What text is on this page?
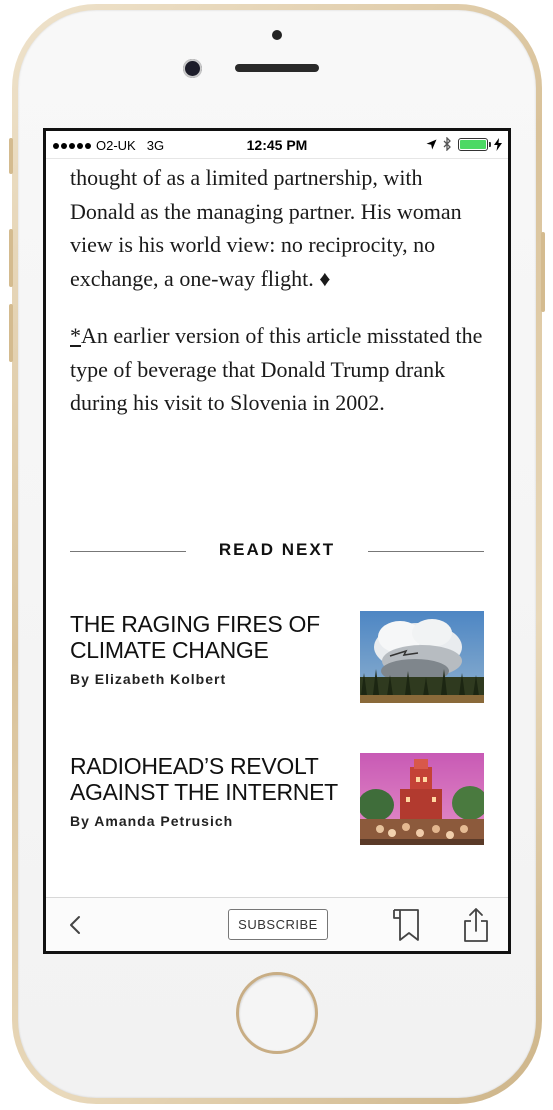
O2-UK 3G	12:45 PM

thought of as a limited partnership, with Donald as the managing partner. His woman view is his world view: no reciprocity, no exchange, a one-way flight. ♦

*An earlier version of this article misstated the type of beverage that Donald Trump drank during his visit to Slovenia in 2002.

READ NEXT
THE RAGING FIRES OF CLIMATE CHANGE
By Elizabeth Kolbert
RADIOHEAD’S REVOLT AGAINST THE INTERNET
By Amanda Petrusich
SUBSCRIBE
